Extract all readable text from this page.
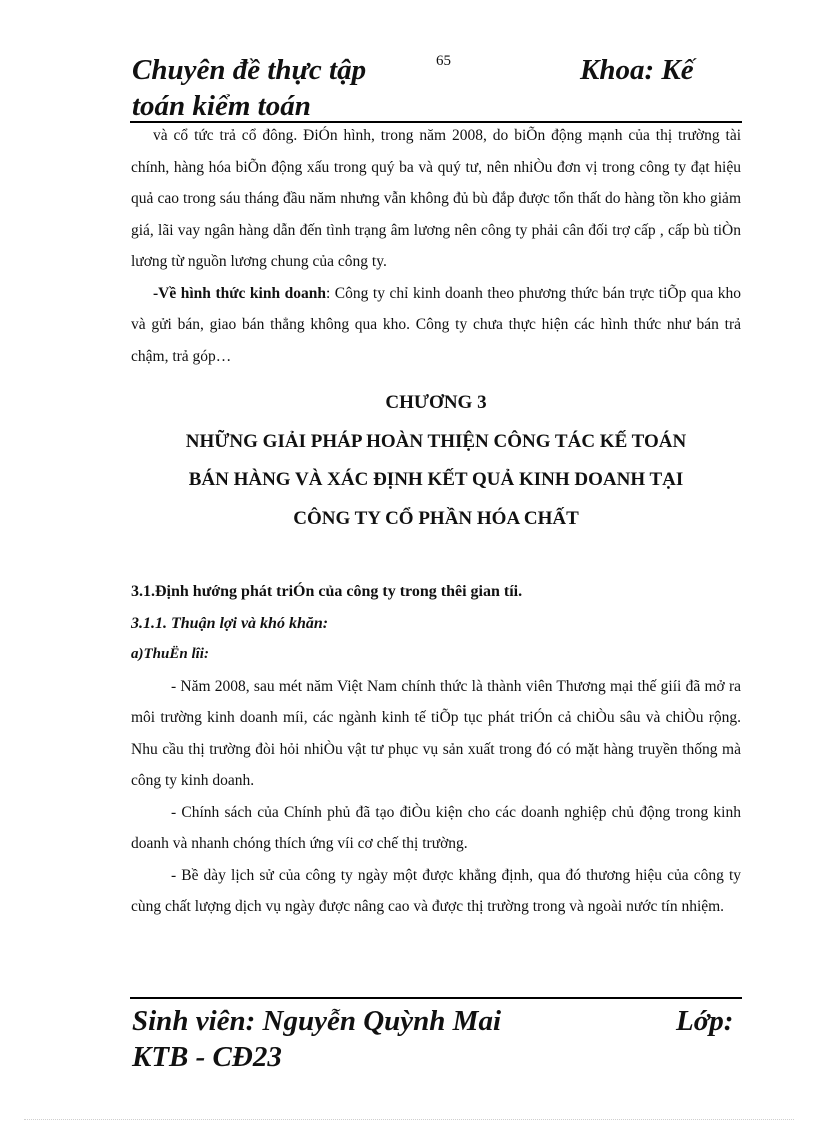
Chuyên đề thực tập toán kiểm toán
65	Khoa: Kế

và cổ tức trả cổ đông. ĐiÓn hình, trong năm 2008, do biÕn động mạnh của thị trường tài chính, hàng hóa biÕn động xấu trong quý ba và quý tư, nên nhiÒu đơn vị trong công ty đạt hiệu quả cao trong sáu tháng đầu năm nhưng vẫn không đủ bù đắp được tổn thất do hàng tồn kho giảm giá, lãi vay ngân hàng dẫn đến tình trạng âm lương nên công ty phải cân đối trợ cấp , cấp bù tiÒn lương từ nguồn lương chung của công ty.

-Về hình thức kinh doanh: Công ty chỉ kinh doanh theo phương thức bán trực tiÕp qua kho và gửi bán, giao bán thẳng không qua kho. Công ty chưa thực hiện các hình thức như bán trả chậm, trả góp…

CHƯƠNG 3

NHỮNG GIẢI PHÁP HOÀN THIỆN CÔNG TÁC KẾ TOÁN

BÁN HÀNG VÀ XÁC ĐỊNH KẾT QUẢ KINH DOANH TẠI

CÔNG TY CỔ PHẦN HÓA CHẤT

3.1.Định hướng phát triÓn của công ty trong thêi gian tíi.

3.1.1. Thuận lợi và khó khăn:

a)ThuËn lîi:

- Năm 2008, sau mét năm Việt Nam chính thức là thành viên Thương mại thế giíi đã mở ra môi trường kinh doanh míi, các ngành kinh tế tiÕp tục phát triÓn cả chiÒu sâu và chiÒu rộng. Nhu cầu thị trường đòi hỏi nhiÒu vật tư phục vụ sản xuất trong đó có mặt hàng truyền thống mà công ty kinh doanh.

- Chính sách của Chính phủ đã tạo điÒu kiện cho các doanh nghiệp chủ động trong kinh doanh và nhanh chóng thích ứng víi cơ chế thị trường.

- Bề dày lịch sử của công ty ngày một được khẳng định, qua đó thương hiệu của công ty cùng chất lượng dịch vụ ngày được nâng cao và được thị trường trong và ngoài nước tín nhiệm.

Sinh viên: Nguyễn Quỳnh Mai	Lớp:
KTB - CĐ23
